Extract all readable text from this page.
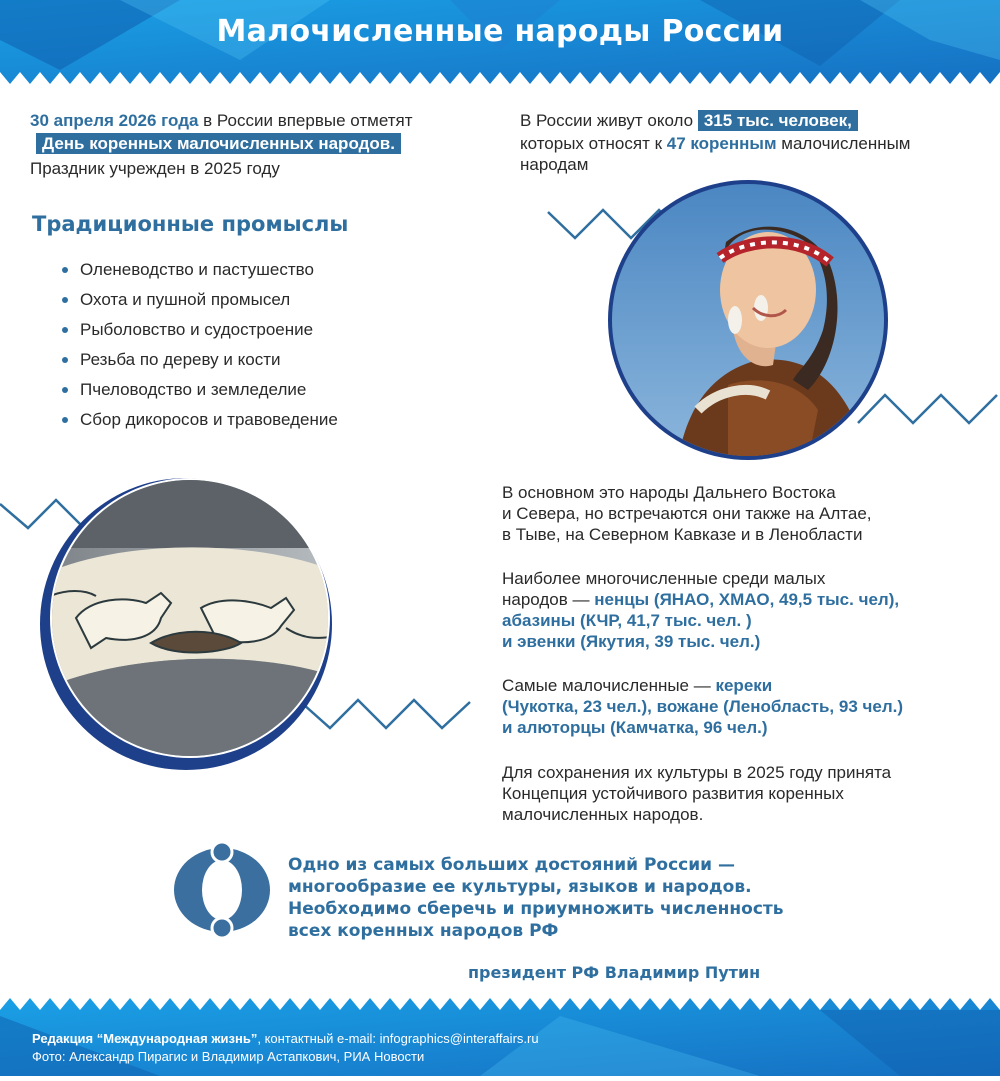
Малочисленные народы России
30 апреля 2026 года в России впервые отметят
День коренных малочисленных народов.
Праздник учрежден в 2025 году
В России живут около 315 тыс. человек,
которых относят к 47 коренным малочисленным
народам
Традиционные промыслы
Оленеводство и пастушество
Охота и пушной промысел
Рыболовство и судостроение
Резьба по дереву и кости
Пчеловодство и земледелие
Сбор дикоросов и травоведение
В основном это народы Дальнего Востока
и Севера, но встречаются они также на Алтае,
в Тыве, на Северном Кавказе и в Ленобласти
Наиболее многочисленные среди малых
народов — ненцы (ЯНАО, ХМАО, 49,5 тыс. чел),
абазины (КЧР, 41,7 тыс. чел. )
и эвенки (Якутия, 39 тыс. чел.)
Самые малочисленные — кереки
(Чукотка, 23 чел.), вожане (Ленобласть, 93 чел.)
и алюторцы (Камчатка, 96 чел.)
Для сохранения их культуры в 2025 году принята
Концепция устойчивого развития коренных
малочисленных народов.
Одно из самых больших достояний России —
многообразие ее культуры, языков и народов.
Необходимо сберечь и приумножить численность
всех коренных народов РФ
президент РФ Владимир Путин
Редакция “Международная жизнь”, контактный e-mail: infographics@interaffairs.ru
Фото: Александр Пирагис и Владимир Астапкович, РИА Новости
